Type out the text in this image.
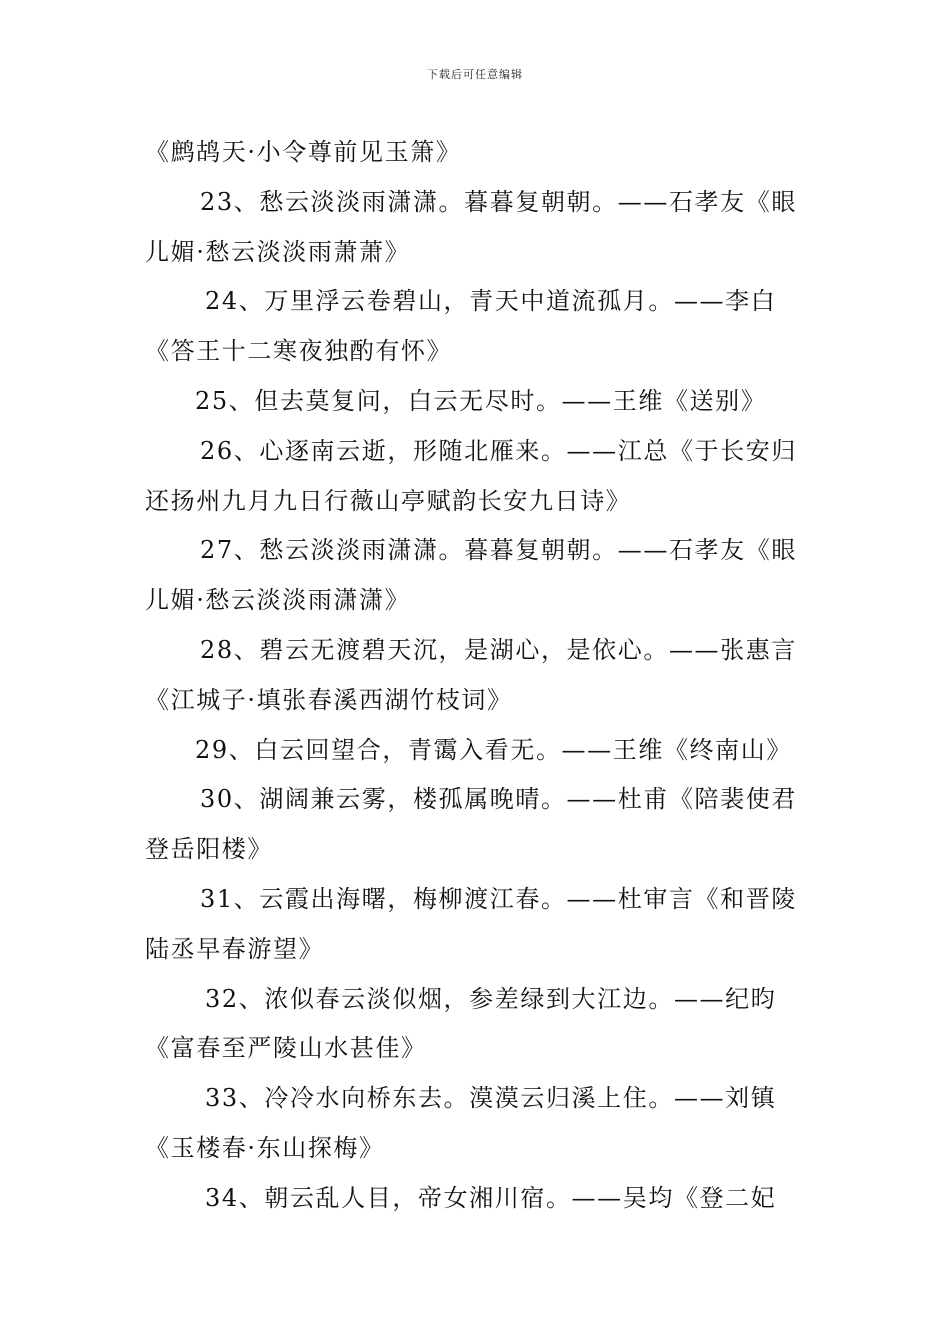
下载后可任意编辑
《鹧鸪天·小令尊前见玉箫》
23、愁云淡淡雨潇潇。暮暮复朝朝。——石孝友《眼
儿媚·愁云淡淡雨萧萧》
24、万里浮云卷碧山，青天中道流孤月。——李白
《答王十二寒夜独酌有怀》
25、但去莫复问，白云无尽时。——王维《送别》
26、心逐南云逝，形随北雁来。——江总《于长安归
还扬州九月九日行薇山亭赋韵长安九日诗》
27、愁云淡淡雨潇潇。暮暮复朝朝。——石孝友《眼
儿媚·愁云淡淡雨潇潇》
28、碧云无渡碧天沉，是湖心，是依心。——张惠言
《江城子·填张春溪西湖竹枝词》
29、白云回望合，青霭入看无。——王维《终南山》
30、湖阔兼云雾，楼孤属晚晴。——杜甫《陪裴使君
登岳阳楼》
31、云霞出海曙，梅柳渡江春。——杜审言《和晋陵
陆丞早春游望》
32、浓似春云淡似烟，参差绿到大江边。——纪昀
《富春至严陵山水甚佳》
33、冷冷水向桥东去。漠漠云归溪上住。——刘镇
《玉楼春·东山探梅》
34、朝云乱人目，帝女湘川宿。——吴均《登二妃
